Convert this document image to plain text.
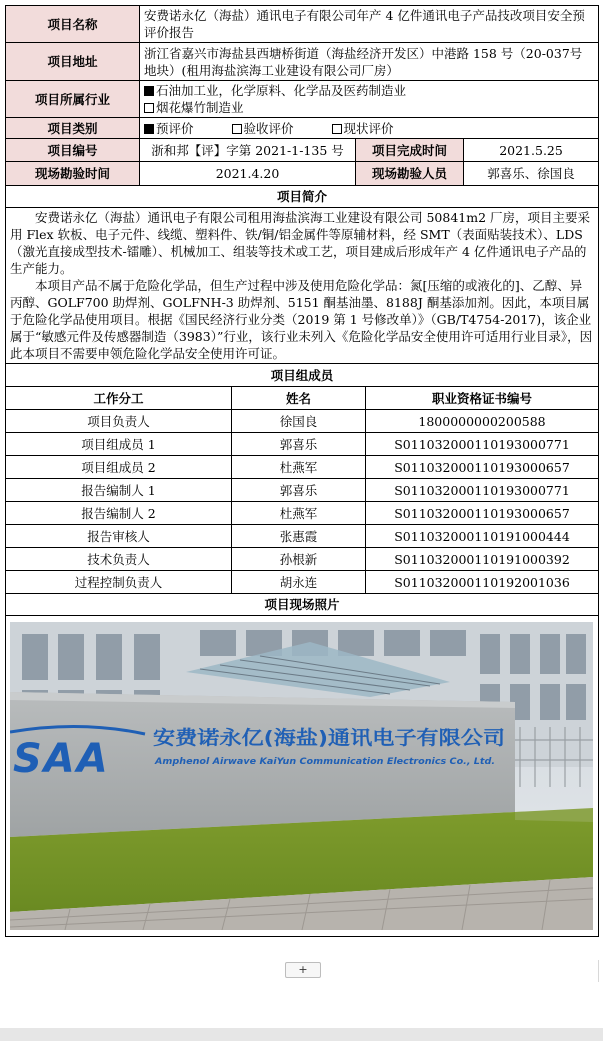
项目名称	安费诺永亿（海盐）通讯电子有限公司年产 4 亿件通讯电子产品技改项目安全预评价报告		
项目地址	浙江省嘉兴市海盐县西塘桥街道（海盐经济开发区）中港路 158 号（20-037号地块）(租用海盐滨海工业建设有限公司厂房）		
项目所属行业	石油加工业，化学原料、化学品及医药制造业
烟花爆竹制造业		

项目类别	预评价 验收评价 现状评价		
项目编号	浙和邦【评】字第 2021-1-135 号	项目完成时间	2021.5.25
现场勘验时间	2021.4.20	现场勘验人员	郭喜乐、徐国良
项目简介			

安费诺永亿（海盐）通讯电子有限公司租用海盐滨海工业建设有限公司 50841m2 厂房，项目主要采用 Flex 软板、电子元件、线缆、塑料件、铁/铜/铝金属件等原辅材料，经 SMT（表面贴装技术）、LDS（激光直接成型技术-镭雕）、机械加工、组装等技术或工艺，项目建成后形成年产 4 亿件通讯电子产品的生产能力。

本项目产品不属于危险化学品，但生产过程中涉及使用危险化学品：氮[压缩的或液化的]、乙醇、异丙醇、GOLF700 助焊剂、GOLFNH-3 助焊剂、5151 酮基油墨、8188J 酮基添加剂。因此，本项目属于危险化学品使用项目。根据《国民经济行业分类（2019 第 1 号修改单）》（GB/T4754-2017)，该企业属于“敏感元件及传感器制造（3983）”行业，该行业未列入《危险化学品安全使用许可适用行业目录》，因此本项目不需要申领危险化学品安全使用许可证。			

项目组成员		
工作分工	姓名	职业资格证书编号
项目负责人	徐国良	1800000000200588
项目组成员 1	郭喜乐	S011032000110193000771
项目组成员 2	杜燕军	S011032000110193000657
报告编制人 1	郭喜乐	S011032000110193000771
报告编制人 2	杜燕军	S011032000110193000657
报告审核人	张惠霞	S011032000110191000444
技术负责人	孙根新	S011032000110191000392
过程控制负责人	胡永连	S011032000110192001036
项目现场照片		

SAA 安费诺永亿(海盐)通讯电子有限公司
Amphenol Airwave KaiYun Communication Electronics Co., Ltd.		
+
